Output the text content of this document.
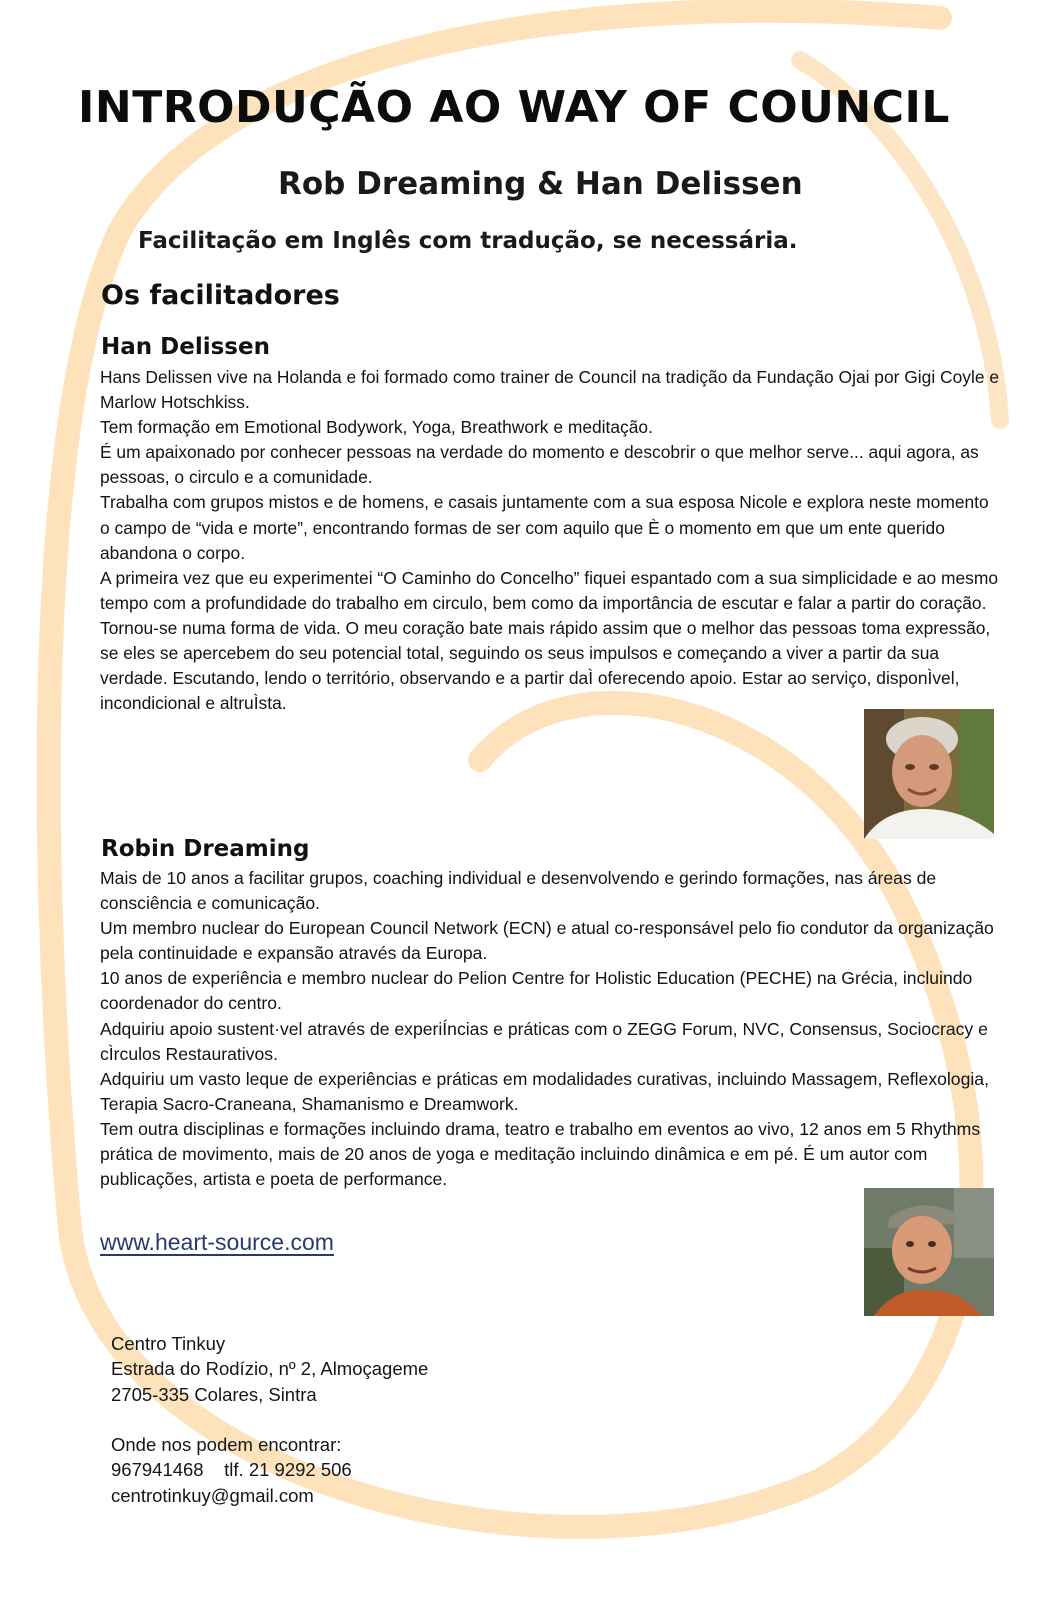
INTRODUÇÃO AO WAY OF COUNCIL
Rob Dreaming & Han Delissen
Facilitação em Inglês com tradução, se necessária.
Os facilitadores
Han Delissen

Hans Delissen vive na Holanda e foi formado como trainer de Council na tradição da Fundação Ojai por Gigi Coyle e Marlow Hotschkiss.

Tem formação em Emotional Bodywork, Yoga, Breathwork e meditação.

É um apaixonado por conhecer pessoas na verdade do momento e descobrir o que melhor serve... aqui agora, as pessoas, o circulo e a comunidade.

Trabalha com grupos mistos e de homens, e casais juntamente com a sua esposa Nicole e explora neste momento o campo de “vida e morte”, encontrando formas de ser com aquilo que È o momento em que um ente querido abandona o corpo.

A primeira vez que eu experimentei “O Caminho do Concelho” fiquei espantado com a sua simplicidade e ao mesmo tempo com a profundidade do trabalho em circulo, bem como da importância de escutar e falar a partir do coração. Tornou-se numa forma de vida. O meu coração bate mais rápido assim que o melhor das pessoas toma expressão, se eles se apercebem do seu potencial total, seguindo os seus impulsos e começando a viver a partir da sua verdade. Escutando, lendo o território, observando e a partir daÌ oferecendo apoio. Estar ao serviço, disponÌvel, incondicional e altruÌsta.

Robin Dreaming

Mais de 10 anos a facilitar grupos, coaching individual e desenvolvendo e gerindo formações, nas áreas de consciência e comunicação.

Um membro nuclear do European Council Network (ECN) e atual co-responsável pelo fio condutor da organização pela continuidade e expansão através da Europa.

10 anos de experiência e membro nuclear do Pelion Centre for Holistic Education (PECHE) na Grécia, incluindo coordenador do centro.

Adquiriu apoio sustent·vel através de experiÍncias e práticas com o ZEGG Forum, NVC, Consensus, Sociocracy e cÌrculos Restaurativos.

Adquiriu um vasto leque de experiências e práticas em modalidades curativas, incluindo Massagem, Reflexologia, Terapia Sacro-Craneana, Shamanismo e Dreamwork.

Tem outra disciplinas e formações incluindo drama, teatro e trabalho em eventos ao vivo, 12 anos em 5 Rhythms prática de movimento, mais de 20 anos de yoga e meditação incluindo dinâmica e em pé. É um autor com publicações, artista e poeta de performance.

www.heart-source.com

Centro Tinkuy

Estrada do Rodízio, nº 2, Almoçageme

2705-335 Colares, Sintra

Onde nos podem encontrar:

967941468    tlf. 21 9292 506

centrotinkuy@gmail.com
